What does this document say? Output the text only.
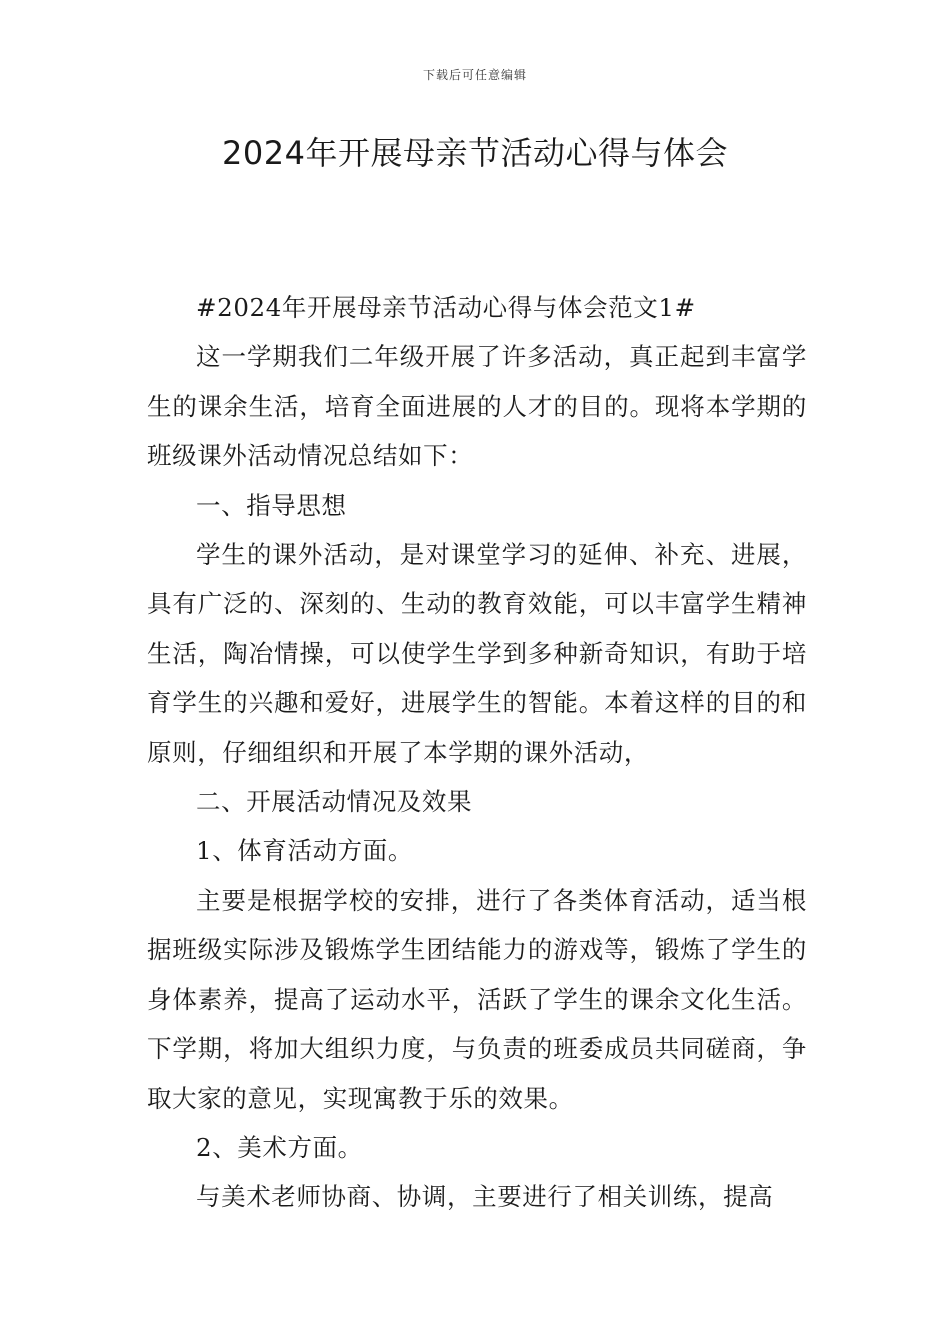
下载后可任意编辑
2024年开展母亲节活动心得与体会

#2024年开展母亲节活动心得与体会范文1#

这一学期我们二年级开展了许多活动，真正起到丰富学生的课余生活，培育全面进展的人才的目的。现将本学期的班级课外活动情况总结如下：

一、指导思想

学生的课外活动，是对课堂学习的延伸、补充、进展，具有广泛的、深刻的、生动的教育效能，可以丰富学生精神生活，陶冶情操，可以使学生学到多种新奇知识，有助于培育学生的兴趣和爱好，进展学生的智能。本着这样的目的和原则，仔细组织和开展了本学期的课外活动，

二、开展活动情况及效果

1、体育活动方面。

主要是根据学校的安排，进行了各类体育活动，适当根据班级实际涉及锻炼学生团结能力的游戏等，锻炼了学生的身体素养，提高了运动水平，活跃了学生的课余文化生活。下学期，将加大组织力度，与负责的班委成员共同磋商，争取大家的意见，实现寓教于乐的效果。

2、美术方面。

与美术老师协商、协调，主要进行了相关训练，提高
